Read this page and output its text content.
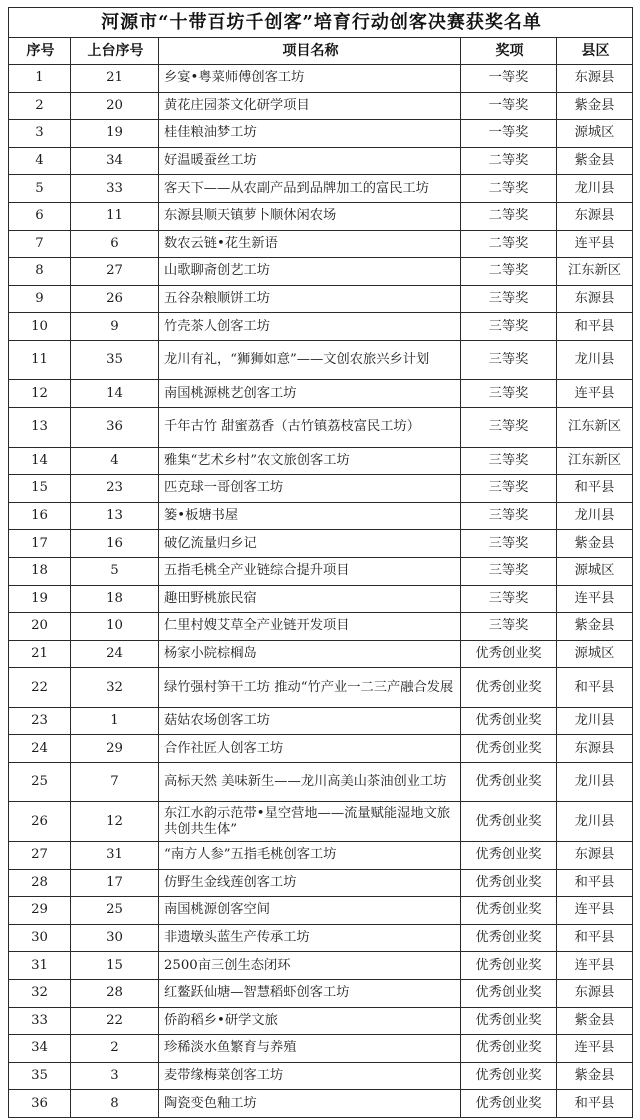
河源市“十带百坊千创客”培育行动创客决赛获奖名单				
序号	上台序号	项目名称	奖项	县区
1	21	乡宴•粤菜师傅创客工坊	一等奖	东源县
2	20	黄花庄园茶文化研学项目	一等奖	紫金县
3	19	桂佳粮油梦工坊	一等奖	源城区
4	34	好温暖蚕丝工坊	二等奖	紫金县
5	33	客天下——从农副产品到品牌加工的富民工坊	二等奖	龙川县
6	11	东源县顺天镇萝卜顺休闲农场	二等奖	东源县
7	6	数农云链•花生新语	二等奖	连平县
8	27	山歌聊斋创艺工坊	二等奖	江东新区
9	26	五谷杂粮顺饼工坊	三等奖	东源县
10	9	竹壳茶人创客工坊	三等奖	和平县
11	35	龙川有礼，“狮狮如意”——文创农旅兴乡计划	三等奖	龙川县
12	14	南国桃源桃艺创客工坊	三等奖	连平县
13	36	千年古竹 甜蜜荔香（古竹镇荔枝富民工坊）	三等奖	江东新区
14	4	雅集“艺术乡村”农文旅创客工坊	三等奖	江东新区
15	23	匹克球一哥创客工坊	三等奖	和平县
16	13	篓•板塘书屋	三等奖	龙川县
17	16	破亿流量归乡记	三等奖	紫金县
18	5	五指毛桃全产业链综合提升项目	三等奖	源城区
19	18	趣田野桃旅民宿	三等奖	连平县
20	10	仁里村嫂艾草全产业链开发项目	三等奖	紫金县
21	24	杨家小院棕榈岛	优秀创业奖	源城区
22	32	绿竹强村笋干工坊 推动“竹产业一二三产融合发展	优秀创业奖	和平县
23	1	菇姑农场创客工坊	优秀创业奖	龙川县
24	29	合作社匠人创客工坊	优秀创业奖	东源县
25	7	高标天然 美味新生——龙川高美山茶油创业工坊	优秀创业奖	龙川县
26	12	东江水韵示范带•星空营地——流量赋能湿地文旅共创共生体”	优秀创业奖	龙川县
27	31	“南方人参”五指毛桃创客工坊	优秀创业奖	东源县
28	17	仿野生金线莲创客工坊	优秀创业奖	和平县
29	25	南国桃源创客空间	优秀创业奖	连平县
30	30	非遗墩头蓝生产传承工坊	优秀创业奖	和平县
31	15	2500亩三创生态闭环	优秀创业奖	连平县
32	28	红鳌跃仙塘—智慧稻虾创客工坊	优秀创业奖	东源县
33	22	侨韵稻乡•研学文旅	优秀创业奖	紫金县
34	2	珍稀淡水鱼繁育与养殖	优秀创业奖	连平县
35	3	麦带缘梅菜创客工坊	优秀创业奖	紫金县
36	8	陶瓷变色釉工坊	优秀创业奖	和平县
